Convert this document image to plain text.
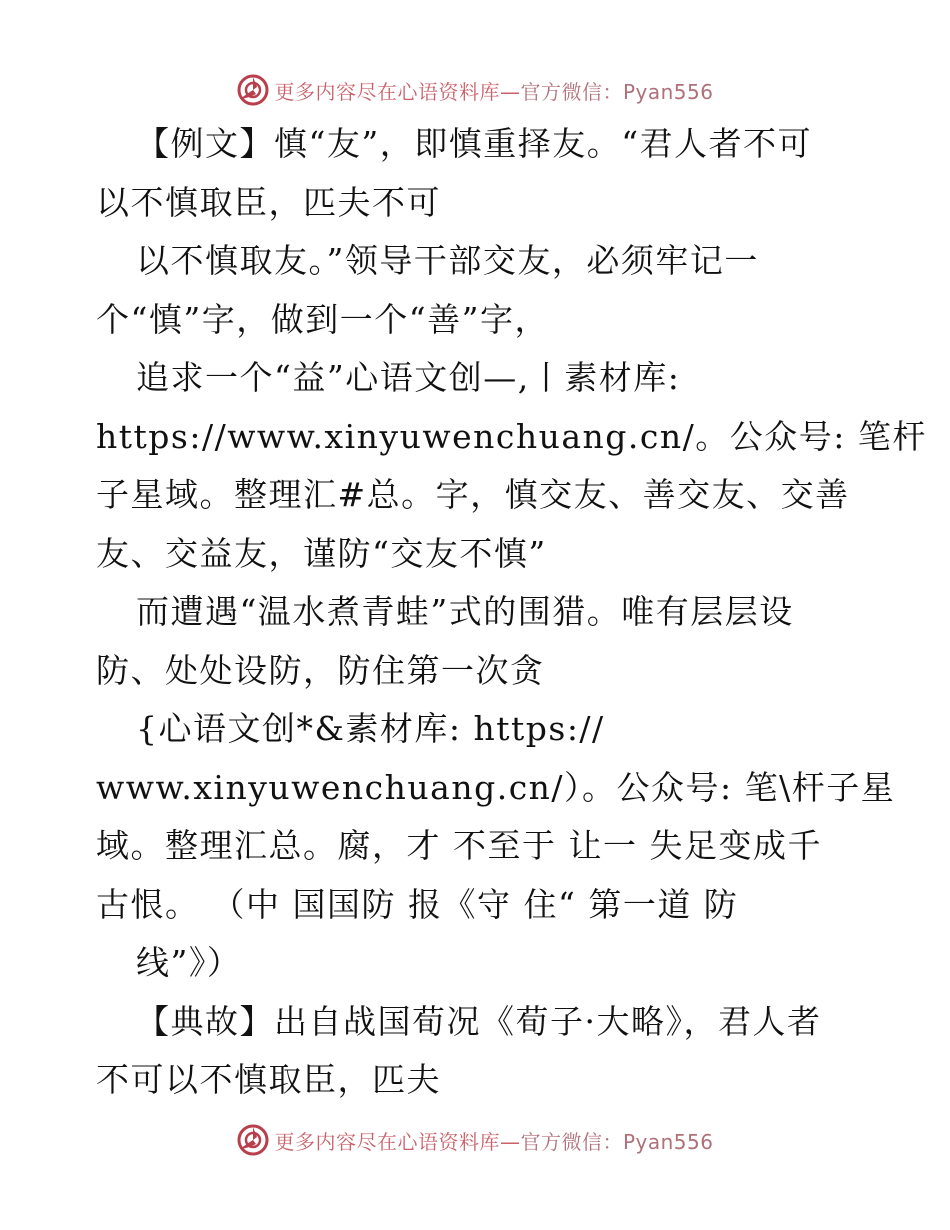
更多内容尽在心语资料库—官方微信：Pyan556
【例文】慎“友”，即慎重择友。“君人者不可
以不慎取臣，匹夫不可
以不慎取友。”领导干部交友，必须牢记一
个“慎”字，做到一个“善”字，
追求一个“益”心语文创—,丨素材库:
https://www.xinyuwenchuang.cn/。公众号: 笔杆
子星域。整理汇#总。字，慎交友、善交友、交善
友、交益友，谨防“交友不慎”
而遭遇“温水煮青蛙”式的围猎。唯有层层设
防、处处设防，防住第一次贪
{心语文创*&素材库: https://
www.xinyuwenchuang.cn/）。公众号: 笔\杆子星
域。整理汇总。腐，才 不至于 让一 失足变成千
古恨。 （中 国国防 报《守 住“ 第一道 防
线”》）
【典故】出自战国荀况《荀子·大略》，君人者
不可以不慎取臣，匹夫
更多内容尽在心语资料库—官方微信：Pyan556
